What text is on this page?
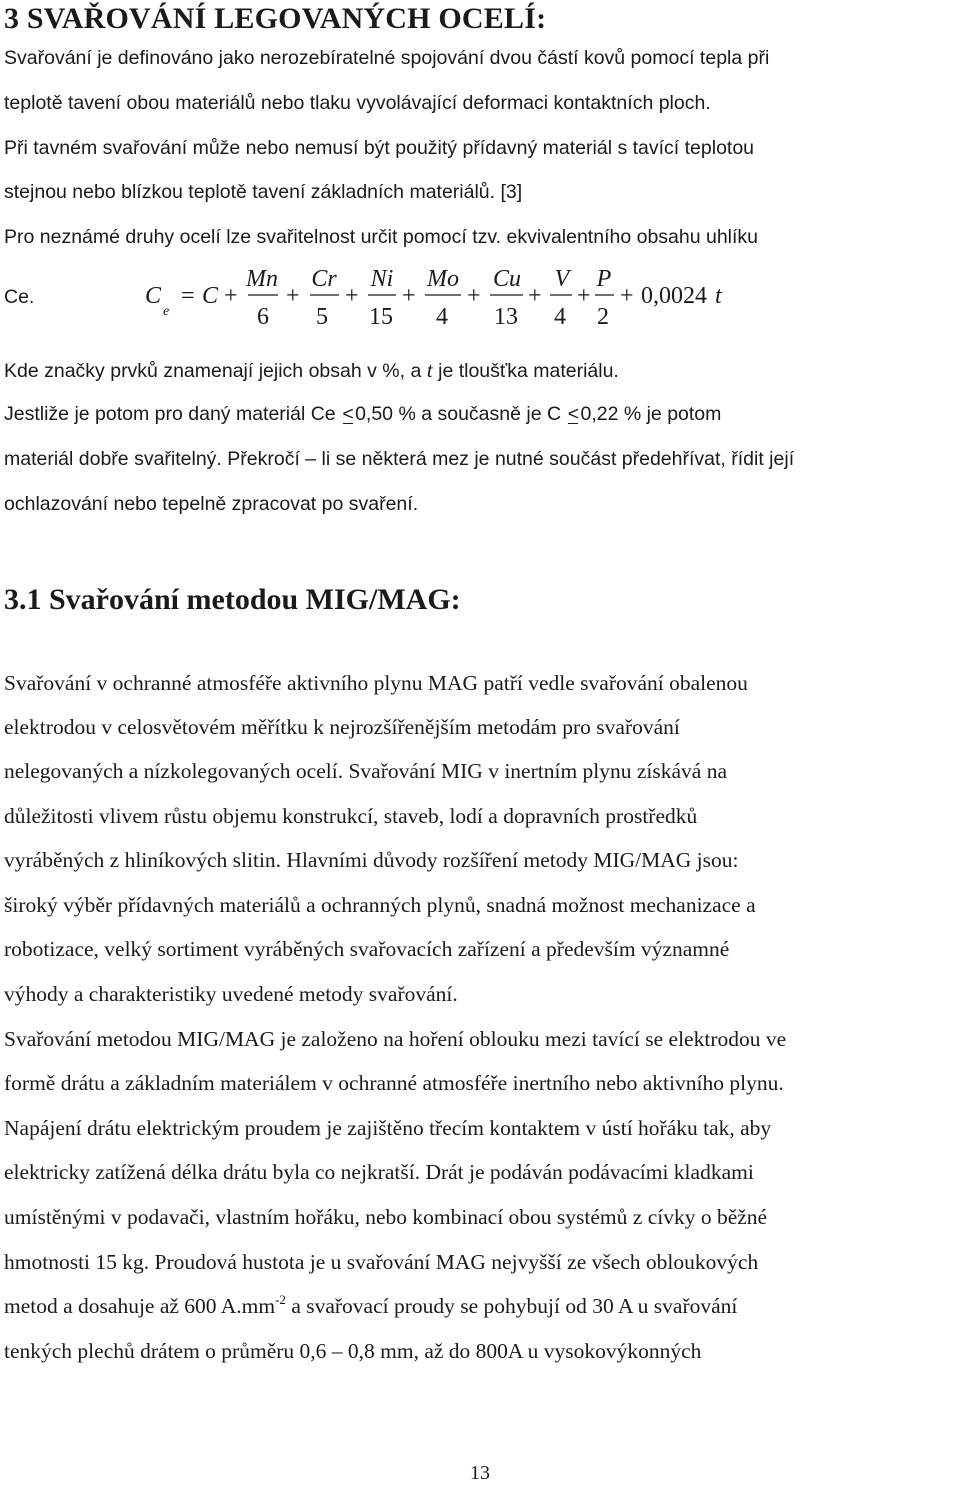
3 SVAŘOVÁNÍ LEGOVANÝCH OCELÍ:

Svařování je definováno jako nerozebíratelné spojování dvou částí kovů pomocí tepla při

teplotě tavení obou materiálů nebo tlaku vyvolávající deformaci kontaktních ploch.

Při tavném svařování může nebo nemusí být použitý přídavný materiál s tavící teplotou

stejnou nebo blízkou teplotě tavení základních materiálů. [3]

Pro neznámé druhy ocelí lze svařitelnost určit pomocí tzv. ekvivalentního obsahu uhlíku

Ce.	C
e
= C +
Mn
6
+
Cr
5
+
Ni
15
+
Mo
4
+
Cu
13
+
V
4
+
P
2
+ 0,0024 t

Kde značky prvků znamenají jejich obsah v %, a t je tloušťka materiálu.

Jestliže je potom pro daný materiál Ce <0,50 % a současně je C <0,22 % je potom

materiál dobře svařitelný. Překročí – li se některá mez je nutné součást předehřívat, řídit její

ochlazování nebo tepelně zpracovat po svaření.

3.1 Svařování metodou MIG/MAG:

Svařování v ochranné atmosféře aktivního plynu MAG patří vedle svařování obalenou

elektrodou v celosvětovém měřítku k nejrozšířenějším metodám pro svařování

nelegovaných a nízkolegovaných ocelí. Svařování MIG v inertním plynu získává na

důležitosti vlivem růstu objemu konstrukcí, staveb, lodí a dopravních prostředků

vyráběných z hliníkových slitin. Hlavními důvody rozšíření metody MIG/MAG jsou:

široký výběr přídavných materiálů a ochranných plynů, snadná možnost mechanizace a

robotizace, velký sortiment vyráběných svařovacích zařízení a především významné

výhody a charakteristiky uvedené metody svařování.

Svařování metodou MIG/MAG je založeno na hoření oblouku mezi tavící se elektrodou ve

formě drátu a základním materiálem v ochranné atmosféře inertního nebo aktivního plynu.

Napájení drátu elektrickým proudem je zajištěno třecím kontaktem v ústí hořáku tak, aby

elektricky zatížená délka drátu byla co nejkratší. Drát je podáván podávacími kladkami

umístěnými v podavači, vlastním hořáku, nebo kombinací obou systémů z cívky o běžné

hmotnosti 15 kg. Proudová hustota je u svařování MAG nejvyšší ze všech obloukových

metod a dosahuje až 600 $A.mm^{-2}$ a svařovací proudy se pohybují od 30 A u svařování

tenkých plechů drátem o průměru 0,6 – 0,8 mm, až do 800A u vysokovýkonných

13
